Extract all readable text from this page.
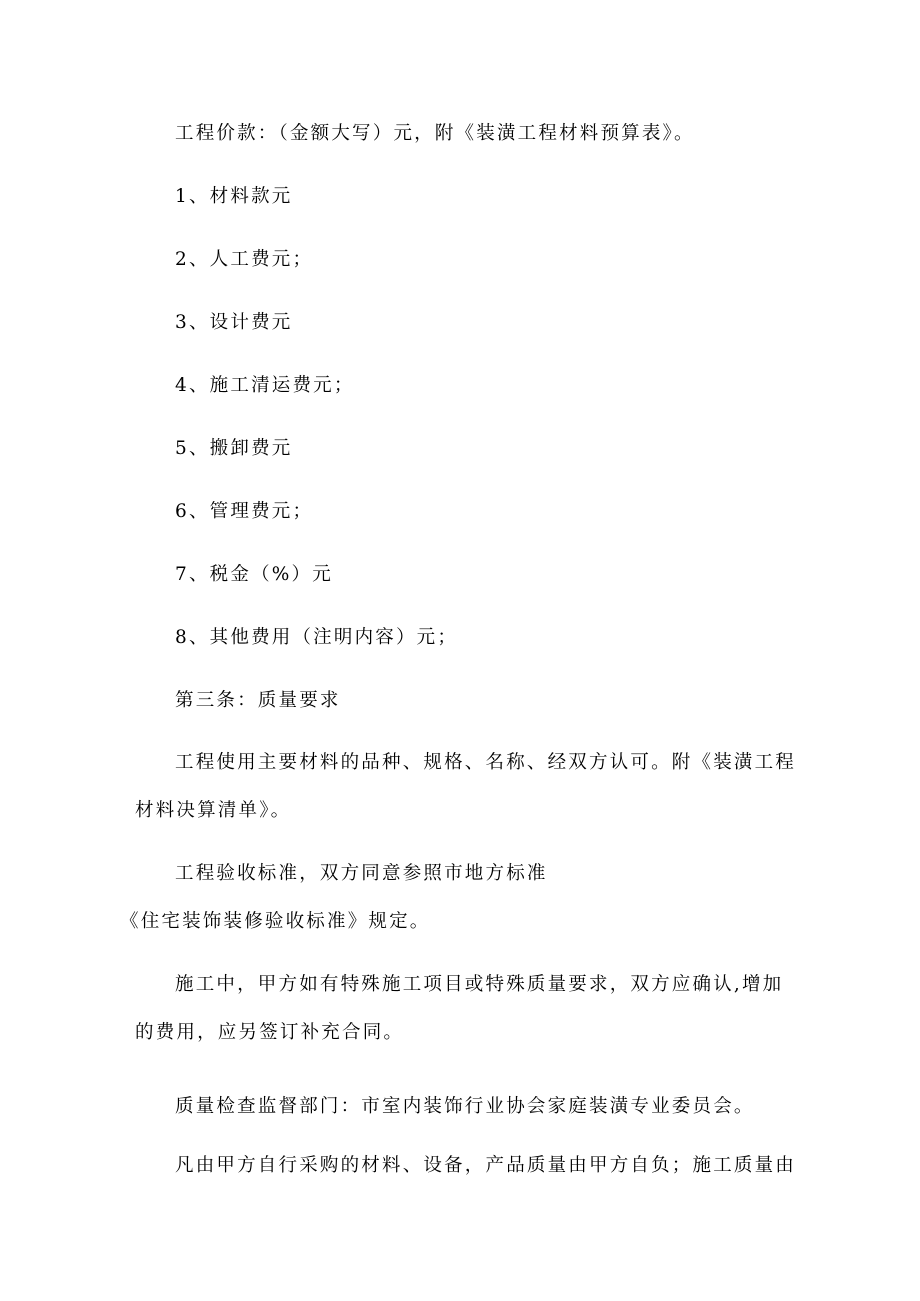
工程价款：（金额大写）元，附《装潢工程材料预算表》。
1、材料款元
2、人工费元；
3、设计费元
4、施工清运费元；
5、搬卸费元
6、管理费元；
7、税金（%）元
8、其他费用（注明内容）元；
第三条：质量要求
工程使用主要材料的品种、规格、名称、经双方认可。附《装潢工程
材料决算清单》。
工程验收标准，双方同意参照市地方标准
《住宅装饰装修验收标准》规定。
施工中，甲方如有特殊施工项目或特殊质量要求，双方应确认,增加
的费用，应另签订补充合同。
质量检查监督部门：市室内装饰行业协会家庭装潢专业委员会。
凡由甲方自行采购的材料、设备，产品质量由甲方自负；施工质量由
